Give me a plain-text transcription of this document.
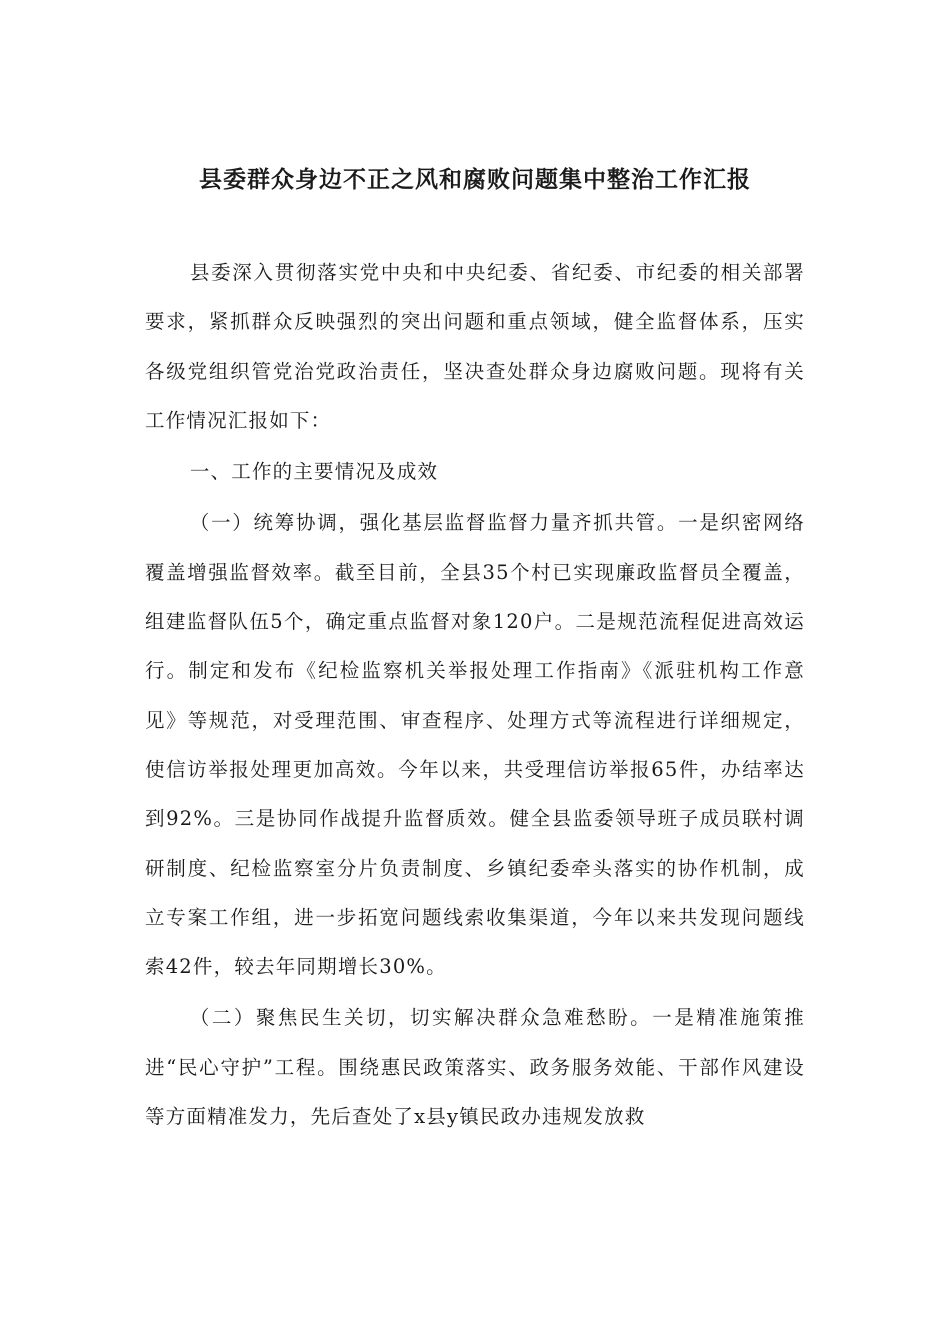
县委群众身边不正之风和腐败问题集中整治工作汇报

县委深入贯彻落实党中央和中央纪委、省纪委、市纪委的相关部署要求，紧抓群众反映强烈的突出问题和重点领域，健全监督体系，压实各级党组织管党治党政治责任，坚决查处群众身边腐败问题。现将有关工作情况汇报如下：

一、工作的主要情况及成效

（一）统筹协调，强化基层监督监督力量齐抓共管。一是织密网络覆盖增强监督效率。截至目前，全县35个村已实现廉政监督员全覆盖，组建监督队伍5个，确定重点监督对象120户。二是规范流程促进高效运行。制定和发布《纪检监察机关举报处理工作指南》《派驻机构工作意见》等规范，对受理范围、审查程序、处理方式等流程进行详细规定，使信访举报处理更加高效。今年以来，共受理信访举报65件，办结率达到92%。三是协同作战提升监督质效。健全县监委领导班子成员联村调研制度、纪检监察室分片负责制度、乡镇纪委牵头落实的协作机制，成立专案工作组，进一步拓宽问题线索收集渠道，今年以来共发现问题线索42件，较去年同期增长30%。

（二）聚焦民生关切，切实解决群众急难愁盼。一是精准施策推进“民心守护”工程。围绕惠民政策落实、政务服务效能、干部作风建设等方面精准发力，先后查处了x县y镇民政办违规发放救
